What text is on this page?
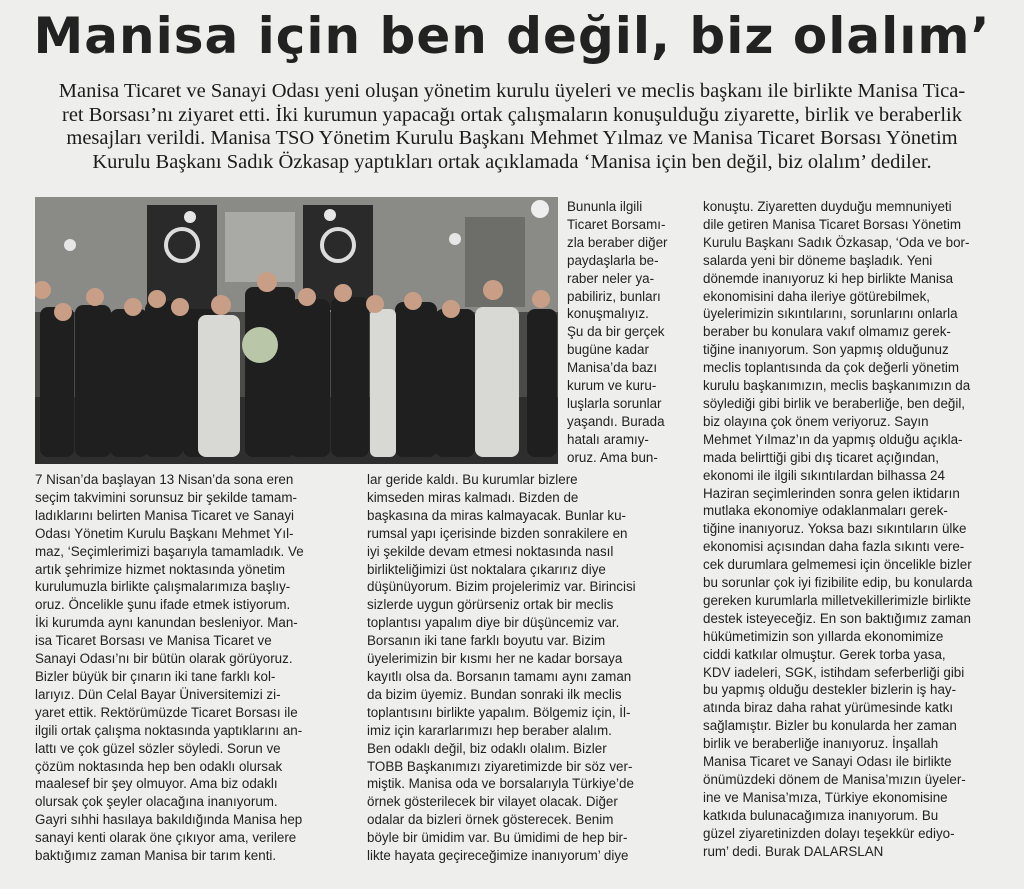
Manisa için ben değil, biz olalım’
Manisa Ticaret ve Sanayi Odası yeni oluşan yönetim kurulu üyeleri ve meclis başkanı ile birlikte Manisa Tica-
ret Borsası’nı ziyaret etti. İki kurumun yapacağı ortak çalışmaların konuşulduğu ziyarette, birlik ve beraberlik
mesajları verildi. Manisa TSO Yönetim Kurulu Başkanı Mehmet Yılmaz ve Manisa Ticaret Borsası Yönetim
Kurulu Başkanı Sadık Özkasap yaptıkları ortak açıklamada ‘Manisa için ben değil, biz olalım’ dediler.
7 Nisan’da başlayan 13 Nisan’da sona eren
seçim takvimini sorunsuz bir şekilde tamam-
ladıklarını belirten Manisa Ticaret ve Sanayi
Odası Yönetim Kurulu Başkanı Mehmet Yıl-
maz, ‘Seçimlerimizi başarıyla tamamladık. Ve
artık şehrimize hizmet noktasında yönetim
kurulumuzla birlikte çalışmalarımıza başlıy-
oruz. Öncelikle şunu ifade etmek istiyorum.
İki kurumda aynı kanundan besleniyor. Man-
isa Ticaret Borsası ve Manisa Ticaret ve
Sanayi Odası’nı bir bütün olarak görüyoruz.
Bizler büyük bir çınarın iki tane farklı kol-
larıyız. Dün Celal Bayar Üniversitemizi zi-
yaret ettik. Rektörümüzde Ticaret Borsası ile
ilgili ortak çalışma noktasında yaptıklarını an-
lattı ve çok güzel sözler söyledi. Sorun ve
çözüm noktasında hep ben odaklı olursak
maalesef bir şey olmuyor. Ama biz odaklı
olursak çok şeyler olacağına inanıyorum.
Gayri sıhhi hasılaya bakıldığında Manisa hep
sanayi kenti olarak öne çıkıyor ama, verilere
baktığımız zaman Manisa bir tarım kenti.
Bununla ilgili
Ticaret Borsamı-
zla beraber diğer
paydaşlarla be-
raber neler ya-
pabiliriz, bunları
konuşmalıyız.
Şu da bir gerçek
bugüne kadar
Manisa’da bazı
kurum ve kuru-
luşlarla sorunlar
yaşandı. Burada
hatalı aramıy-
oruz. Ama bun-
lar geride kaldı. Bu kurumlar bizlere
kimseden miras kalmadı. Bizden de
başkasına da miras kalmayacak. Bunlar ku-
rumsal yapı içerisinde bizden sonrakilere en
iyi şekilde devam etmesi noktasında nasıl
birlikteliğimizi üst noktalara çıkarırız diye
düşünüyorum. Bizim projelerimiz var. Birincisi
sizlerde uygun görürseniz ortak bir meclis
toplantısı yapalım diye bir düşüncemiz var.
Borsanın iki tane farklı boyutu var. Bizim
üyelerimizin bir kısmı her ne kadar borsaya
kayıtlı olsa da. Borsanın tamamı aynı zaman
da bizim üyemiz. Bundan sonraki ilk meclis
toplantısını birlikte yapalım. Bölgemiz için, İl-
imiz için kararlarımızı hep beraber alalım.
Ben odaklı değil, biz odaklı olalım. Bizler
TOBB Başkanımızı ziyaretimizde bir söz ver-
miştik. Manisa oda ve borsalarıyla Türkiye’de
örnek gösterilecek bir vilayet olacak. Diğer
odalar da bizleri örnek gösterecek. Benim
böyle bir ümidim var. Bu ümidimi de hep bir-
likte hayata geçireceğimize inanıyorum’ diye
konuştu. Ziyaretten duyduğu memnuniyeti
dile getiren Manisa Ticaret Borsası Yönetim
Kurulu Başkanı Sadık Özkasap, ‘Oda ve bor-
salarda yeni bir döneme başladık. Yeni
dönemde inanıyoruz ki hep birlikte Manisa
ekonomisini daha ileriye götürebilmek,
üyelerimizin sıkıntılarını, sorunlarını onlarla
beraber bu konulara vakıf olmamız gerek-
tiğine inanıyorum. Son yapmış olduğunuz
meclis toplantısında da çok değerli yönetim
kurulu başkanımızın, meclis başkanımızın da
söylediği gibi birlik ve beraberliğe, ben değil,
biz olayına çok önem veriyoruz. Sayın
Mehmet Yılmaz’ın da yapmış olduğu açıkla-
mada belirttiği gibi dış ticaret açığından,
ekonomi ile ilgili sıkıntılardan bilhassa 24
Haziran seçimlerinden sonra gelen iktidarın
mutlaka ekonomiye odaklanmaları gerek-
tiğine inanıyoruz. Yoksa bazı sıkıntıların ülke
ekonomisi açısından daha fazla sıkıntı vere-
cek durumlara gelmemesi için öncelikle bizler
bu sorunlar çok iyi fizibilite edip, bu konularda
gereken kurumlarla milletvekillerimizle birlikte
destek isteyeceğiz. En son baktığımız zaman
hükümetimizin son yıllarda ekonomimize
ciddi katkılar olmuştur. Gerek torba yasa,
KDV iadeleri, SGK, istihdam seferberliği gibi
bu yapmış olduğu destekler bizlerin iş hay-
atında biraz daha rahat yürümesinde katkı
sağlamıştır. Bizler bu konularda her zaman
birlik ve beraberliğe inanıyoruz. İnşallah
Manisa Ticaret ve Sanayi Odası ile birlikte
önümüzdeki dönem de Manisa’mızın üyeler-
ine ve Manisa’mıza, Türkiye ekonomisine
katkıda bulunacağımıza inanıyorum. Bu
güzel ziyaretinizden dolayı teşekkür ediyo-
rum’ dedi. Burak DALARSLAN
